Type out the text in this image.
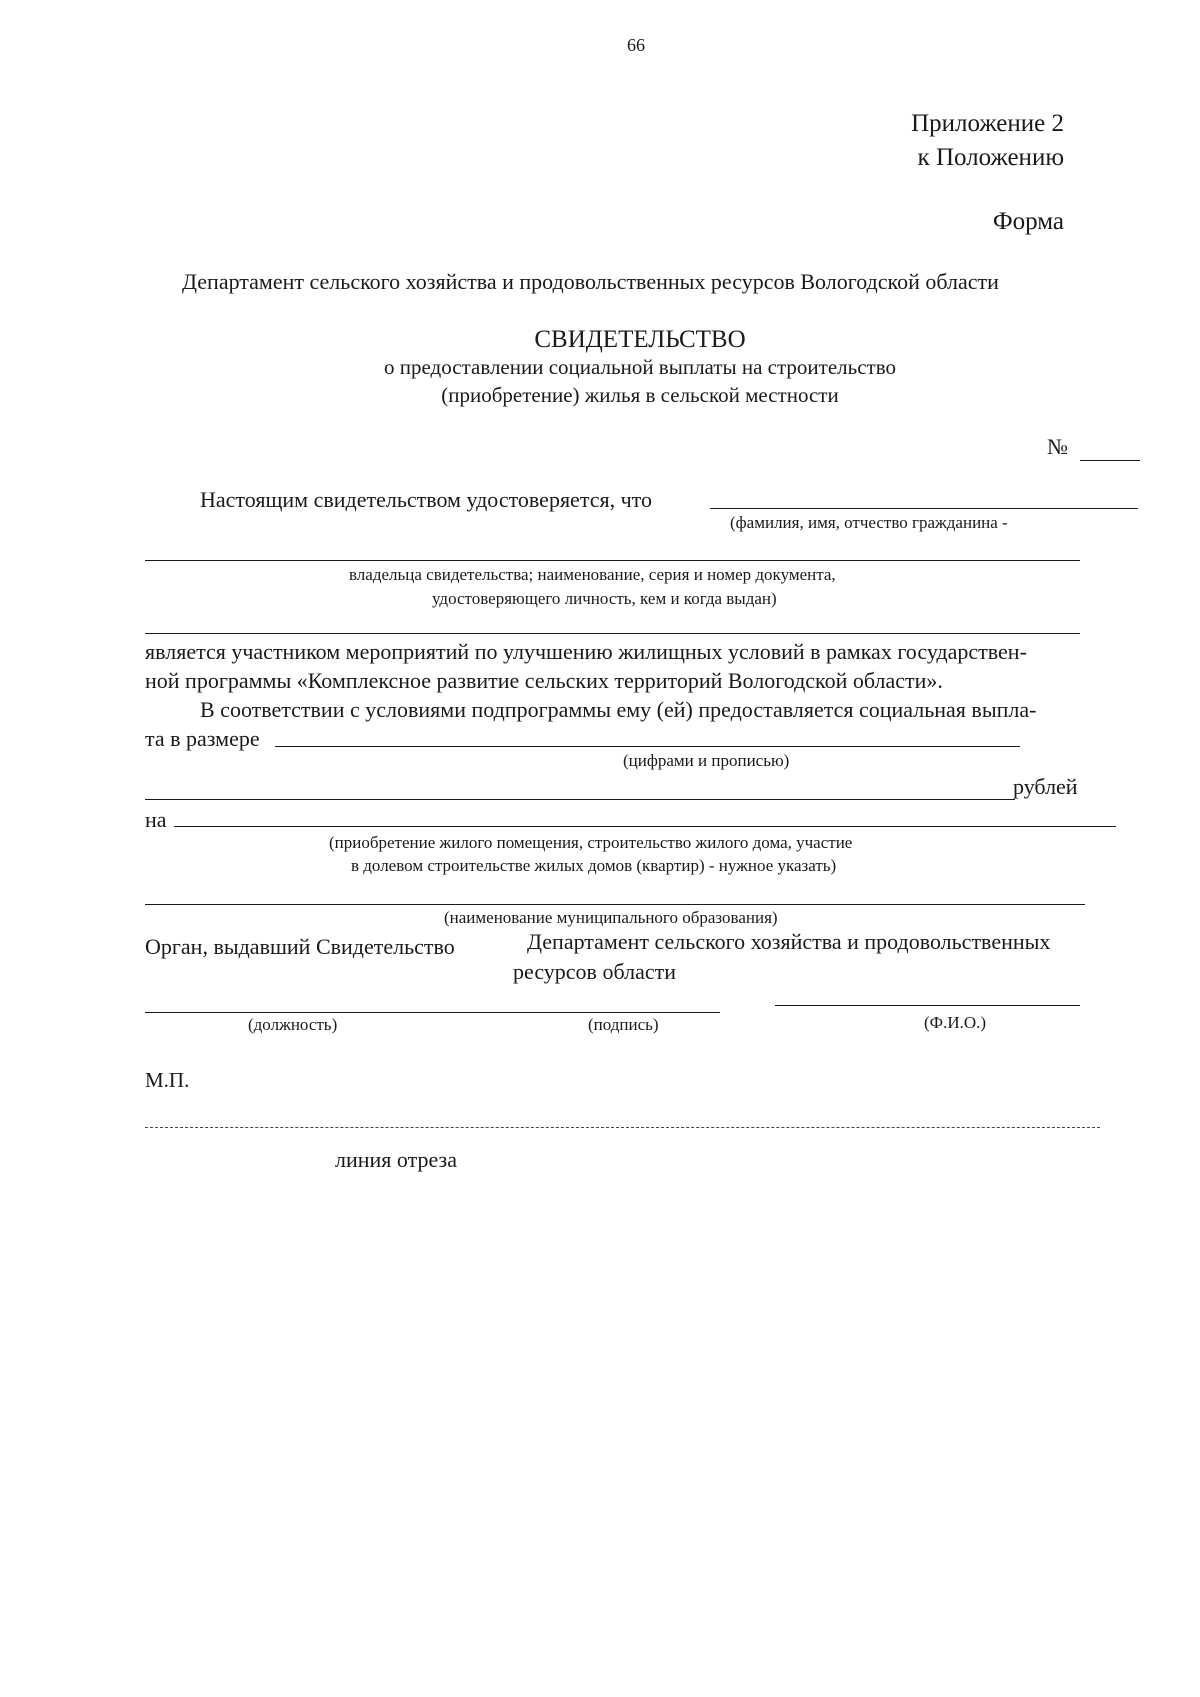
66
Приложение 2
к Положению
Форма
Департамент сельского хозяйства и продовольственных ресурсов Вологодской области
СВИДЕТЕЛЬСТВО
о предоставлении социальной выплаты на строительство
(приобретение) жилья в сельской местности
№
Настоящим свидетельством удостоверяется, что
(фамилия, имя, отчество гражданина -
владельца свидетельства; наименование, серия и номер документа,
удостоверяющего личность, кем и когда выдан)
является участником мероприятий по улучшению жилищных условий в рамках государствен-
ной программы «Комплексное развитие сельских территорий Вологодской области».
В соответствии с условиями подпрограммы ему (ей) предоставляется социальная выпла-
та в размере
(цифрами и прописью)
рублей
на
(приобретение жилого помещения, строительство жилого дома, участие
в долевом строительстве жилых домов (квартир) - нужное указать)
(наименование муниципального образования)
Орган, выдавший Свидетельство	Департамент сельского хозяйства и продовольственных
ресурсов области
(должность)	(подпись)	(Ф.И.О.)
М.П.
линия отреза
